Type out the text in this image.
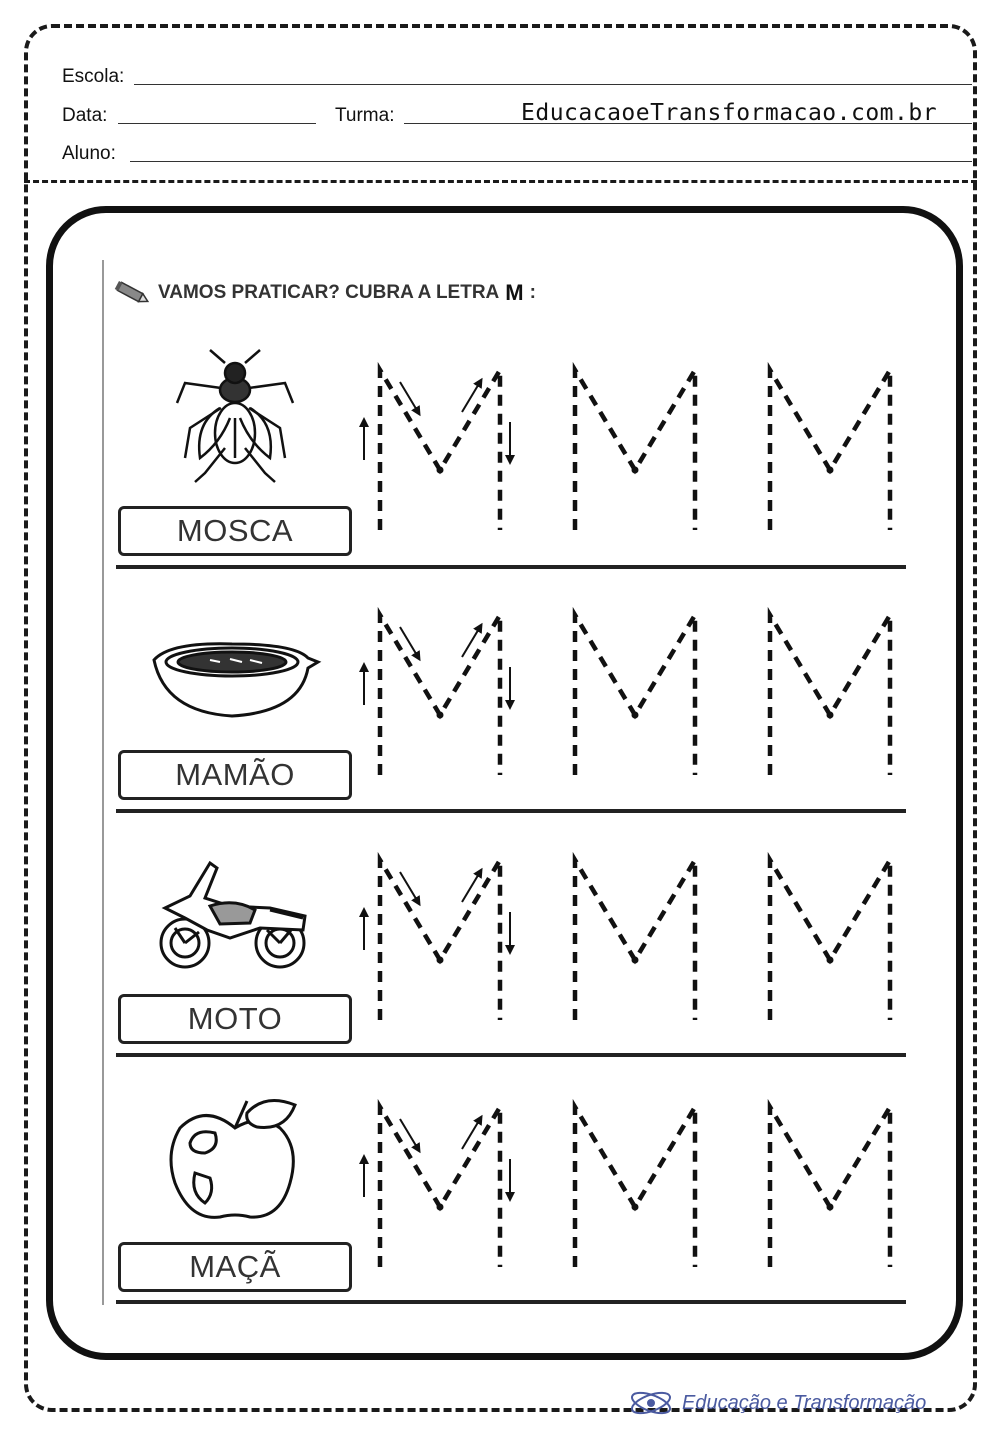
Escola:
Data:	Turma:	EducacaoeTransformacao.com.br
Aluno:
VAMOS PRATICAR? CUBRA A LETRA M :
MOSCA
MAMÃO
MOTO
MAÇÃ
Educação e Transformação
